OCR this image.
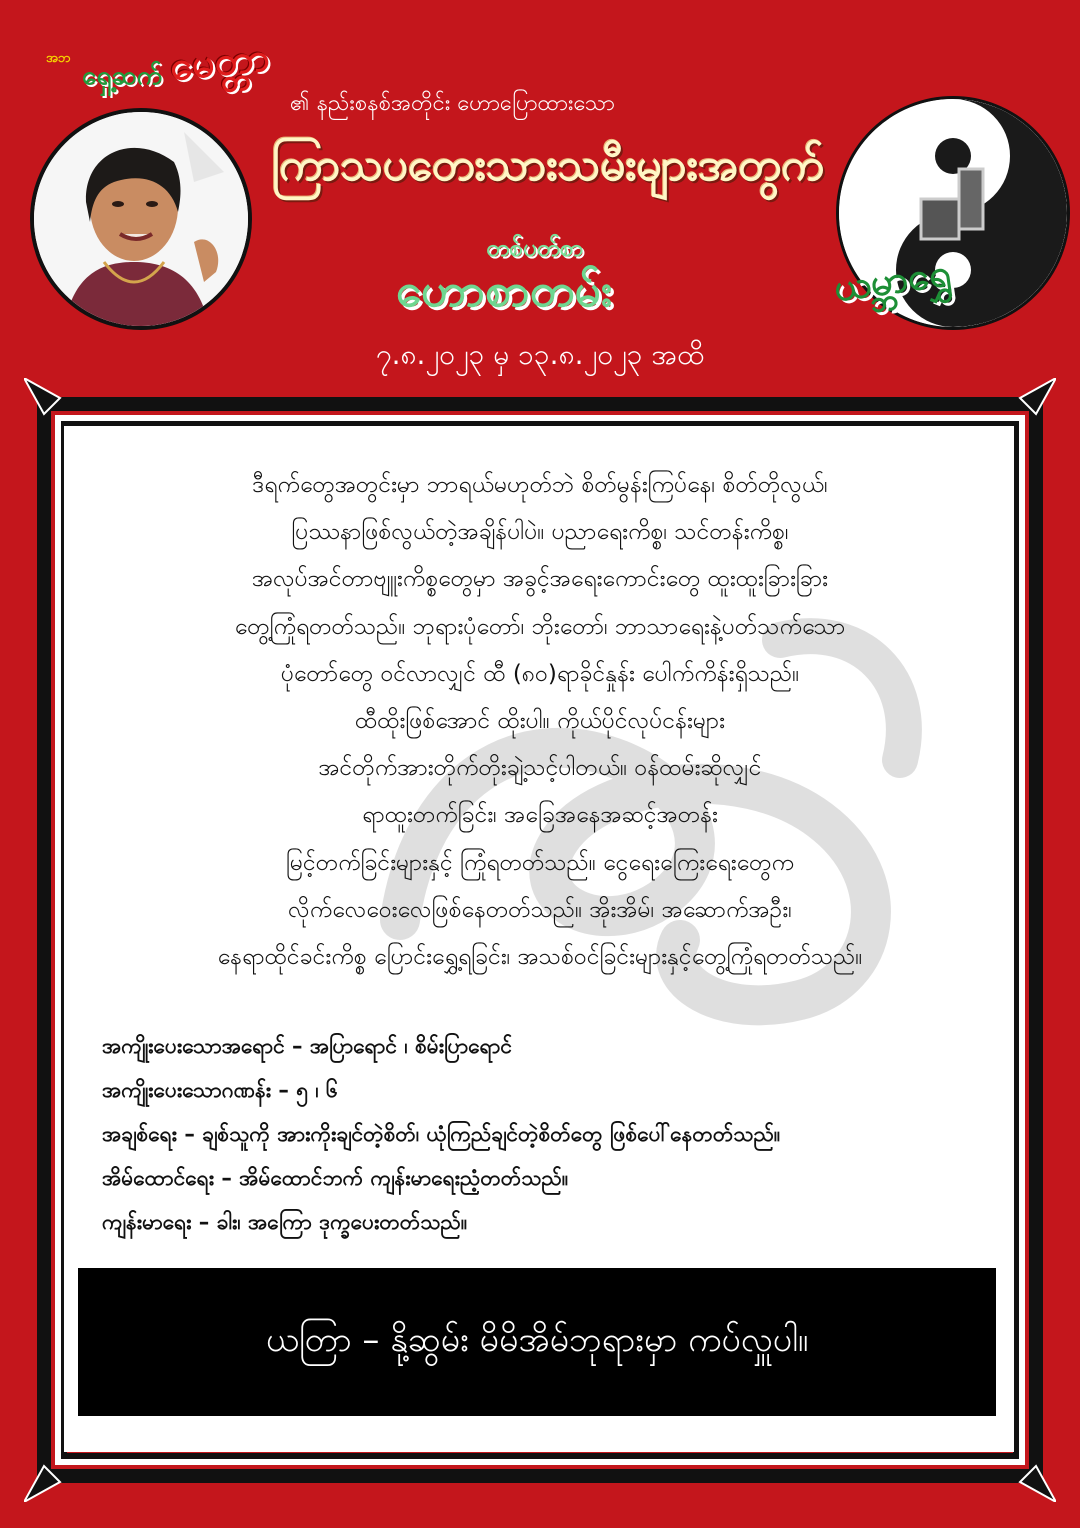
အဘ
ရှေ့ဆက် မေတ္တာ
၏ နည်းစနစ်အတိုင်း ဟောပြောထားသော
ကြာသပတေးသားသမီးများအတွက်
တစ်ပတ်စာ
ဟောစာတမ်း
၇.၈.၂၀၂၃ မှ ၁၃.၈.၂၀၂၃ အထိ
ယမ္ဘာရွှေ
ဒီရက်တွေအတွင်းမှာ ဘာရယ်မဟုတ်ဘဲ စိတ်မွန်းကြပ်နေ၊ စိတ်တိုလွယ်၊
ပြဿနာဖြစ်လွယ်တဲ့အချိန်ပါပဲ။ ပညာရေးကိစ္စ၊ သင်တန်းကိစ္စ၊
အလုပ်အင်တာဗျူးကိစ္စတွေမှာ အခွင့်အရေးကောင်းတွေ ထူးထူးခြားခြား
တွေ့ကြုံရတတ်သည်။ ဘုရားပုံတော်၊ ဘိုးတော်၊ ဘာသာရေးနဲ့ပတ်သက်သော
ပုံတော်တွေ ဝင်လာလျှင် ထီ (၈၀)ရာခိုင်နှုန်း ပေါက်ကိန်းရှိသည်။
ထီထိုးဖြစ်အောင် ထိုးပါ။ ကိုယ်ပိုင်လုပ်ငန်းများ
အင်တိုက်အားတိုက်တိုးချဲ့သင့်ပါတယ်။ ဝန်ထမ်းဆိုလျှင်
ရာထူးတက်ခြင်း၊ အခြေအနေအဆင့်အတန်း
မြင့်တက်ခြင်းများနှင့် ကြုံရတတ်သည်။ ငွေရေးကြေးရေးတွေက
လိုက်လေဝေးလေဖြစ်နေတတ်သည်။ အိုးအိမ်၊ အဆောက်အဦး၊
နေရာထိုင်ခင်းကိစ္စ ပြောင်းရွှေ့ရခြင်း၊ အသစ်ဝင်ခြင်းများနှင့်တွေ့ကြုံရတတ်သည်။
အကျိုးပေးသောအရောင် – အပြာရောင် ၊ စိမ်းပြာရောင်
အကျိုးပေးသောဂဏန်း – ၅ ၊ ၆
အချစ်ရေး – ချစ်သူကို အားကိုးချင်တဲ့စိတ်၊ ယုံကြည်ချင်တဲ့စိတ်တွေ ဖြစ်ပေါ်နေတတ်သည်။
အိမ်ထောင်ရေး – အိမ်ထောင်ဘက် ကျန်းမာရေးညံ့တတ်သည်။
ကျန်းမာရေး – ခါး၊ အကြော ဒုက္ခပေးတတ်သည်။
ယတြာ – နို့ဆွမ်း မိမိအိမ်ဘုရားမှာ ကပ်လှူပါ။
